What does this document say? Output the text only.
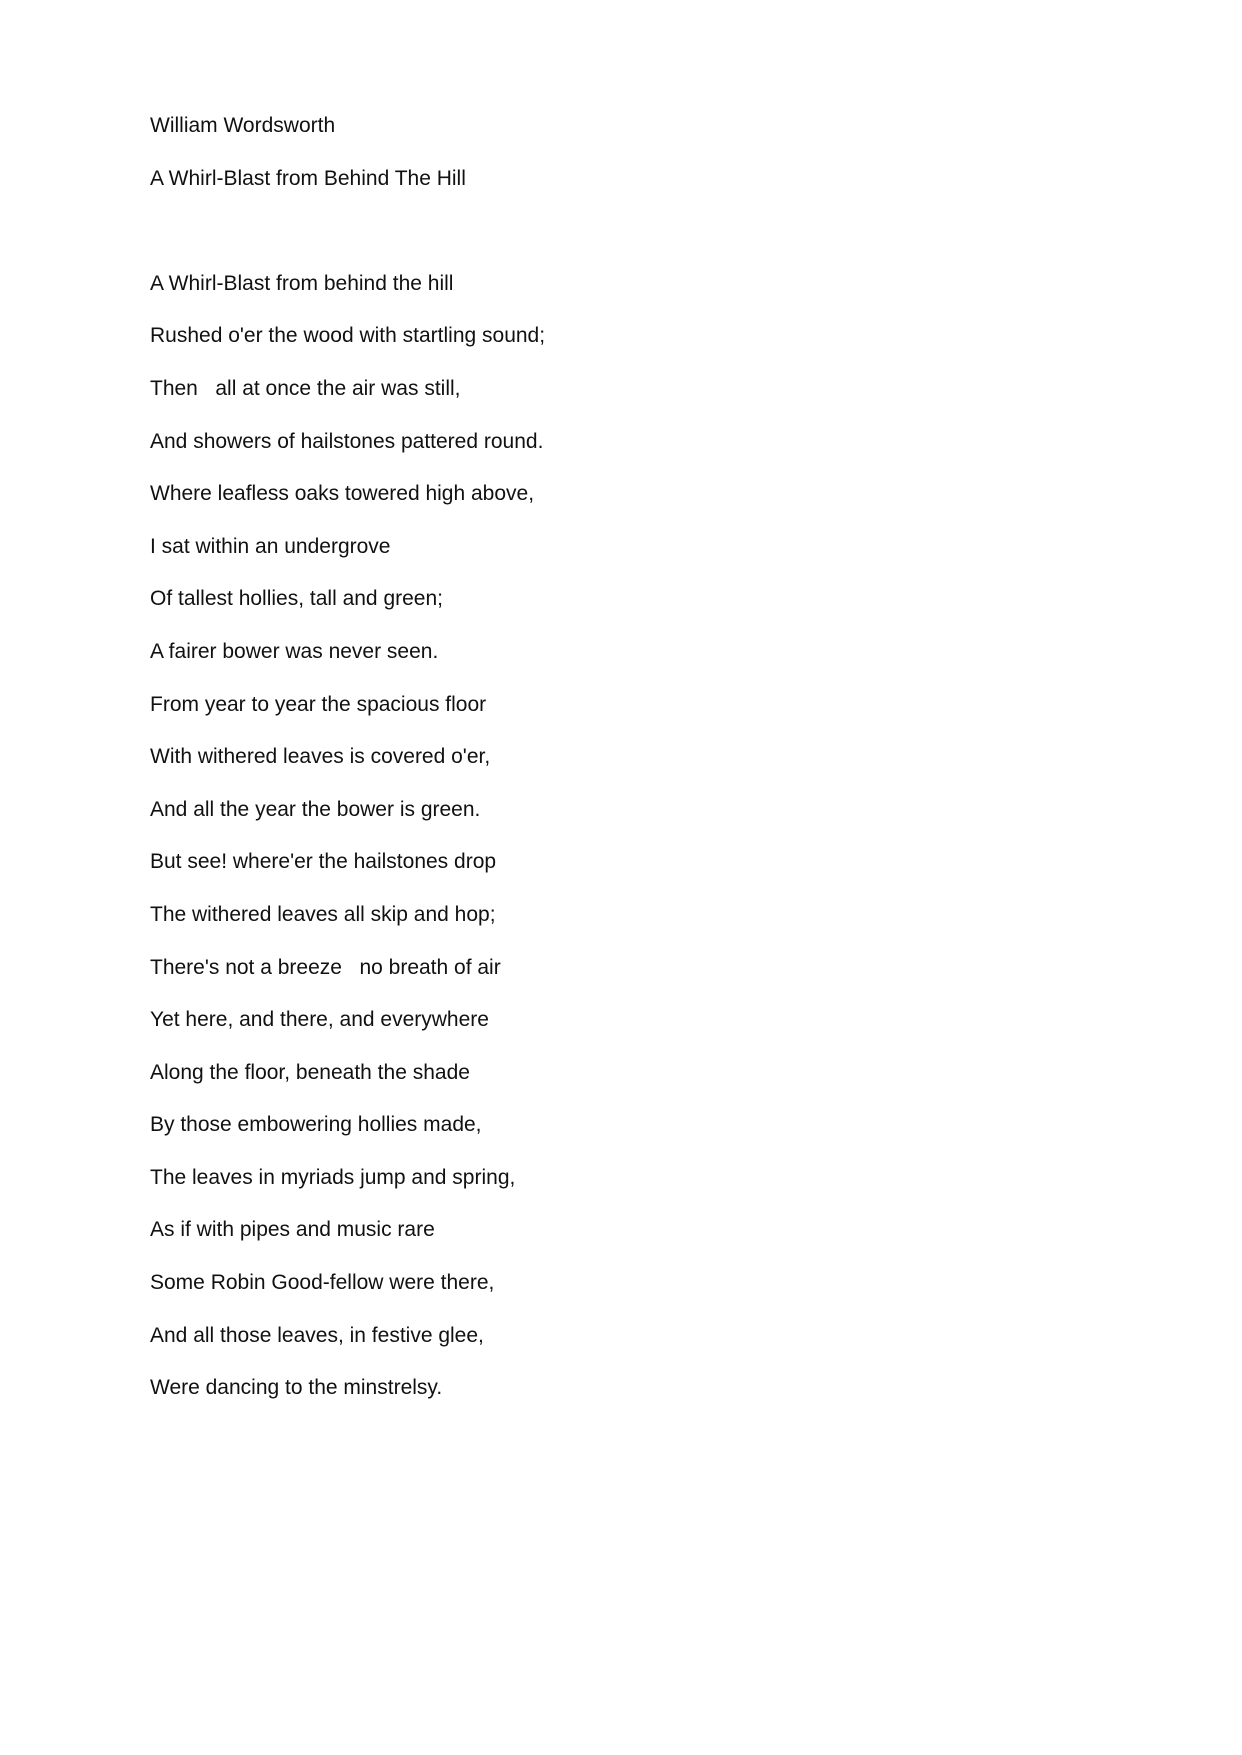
William Wordsworth
A Whirl-Blast from Behind The Hill
A Whirl-Blast from behind the hill
Rushed o'er the wood with startling sound;
Then   all at once the air was still,
And showers of hailstones pattered round.
Where leafless oaks towered high above,
I sat within an undergrove
Of tallest hollies, tall and green;
A fairer bower was never seen.
From year to year the spacious floor
With withered leaves is covered o'er,
And all the year the bower is green.
But see! where'er the hailstones drop
The withered leaves all skip and hop;
There's not a breeze   no breath of air
Yet here, and there, and everywhere
Along the floor, beneath the shade
By those embowering hollies made,
The leaves in myriads jump and spring,
As if with pipes and music rare
Some Robin Good-fellow were there,
And all those leaves, in festive glee,
Were dancing to the minstrelsy.
